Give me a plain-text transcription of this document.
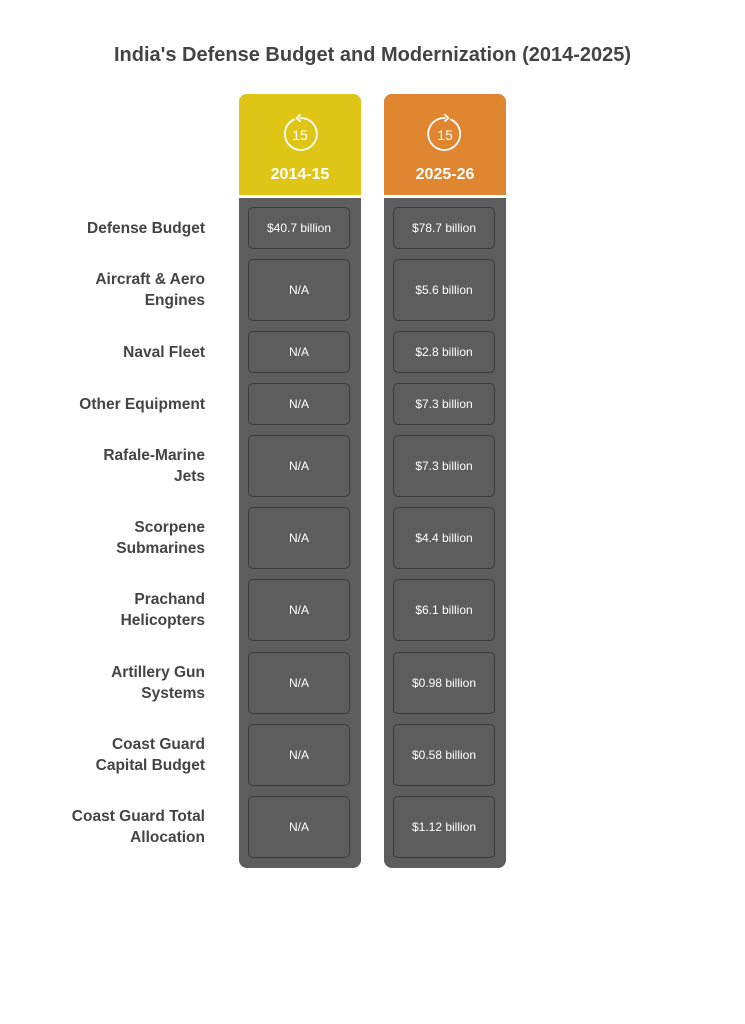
India's Defense Budget and Modernization (2014-2025)
15
2014-15
$40.7 billion
N/A
N/A
N/A
N/A
N/A
N/A
N/A
N/A
N/A
15
2025-26
$78.7 billion
$5.6 billion
$2.8 billion
$7.3 billion
$7.3 billion
$4.4 billion
$6.1 billion
$0.98 billion
$0.58 billion
$1.12 billion
Defense Budget
Aircraft & Aero Engines
Naval Fleet
Other Equipment
Rafale-Marine Jets
Scorpene Submarines
Prachand Helicopters
Artillery Gun Systems
Coast Guard Capital Budget
Coast Guard Total Allocation
